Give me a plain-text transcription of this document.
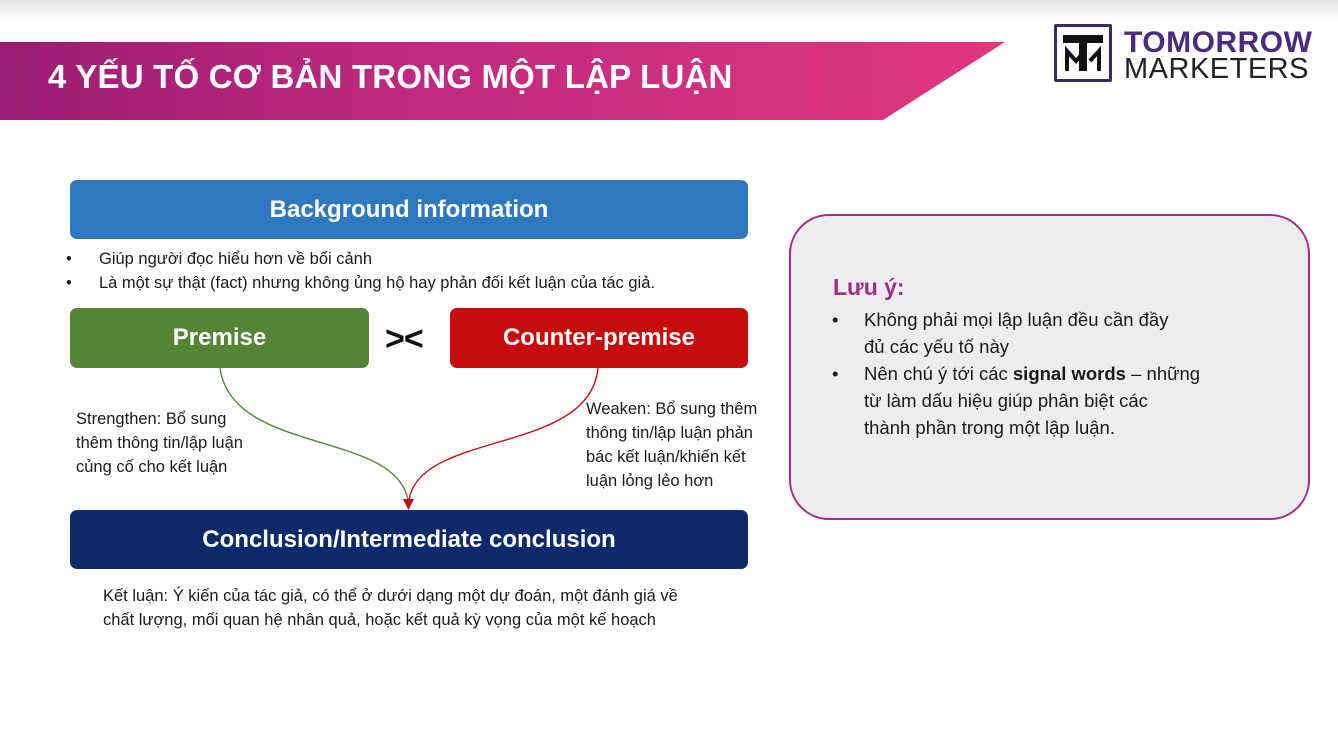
4 YẾU TỐ CƠ BẢN TRONG MỘT LẬP LUẬN
TOMORROW
MARKETERS
Background information
• Giúp người đọc hiểu hơn về bối cảnh
• Là một sự thật (fact) nhưng không ủng hộ hay phản đối kết luận của tác giả.
Premise	><	Counter-premise
Strengthen: Bổ sung
thêm thông tin/lập luận
củng cố cho kết luận
Weaken: Bổ sung thêm
thông tin/lập luận phản
bác kết luận/khiến kết
luận lỏng lẻo hơn
Conclusion/Intermediate conclusion
Kết luận: Ý kiến của tác giả, có thể ở dưới dạng một dự đoán, một đánh giá về
chất lượng, mối quan hệ nhân quả, hoặc kết quả kỳ vọng của một kế hoạch
Lưu ý:
• Không phải mọi lập luận đều cần đầy
đủ các yếu tố này
• Nên chú ý tới các signal words – những
từ làm dấu hiệu giúp phân biệt các
thành phần trong một lập luận.
